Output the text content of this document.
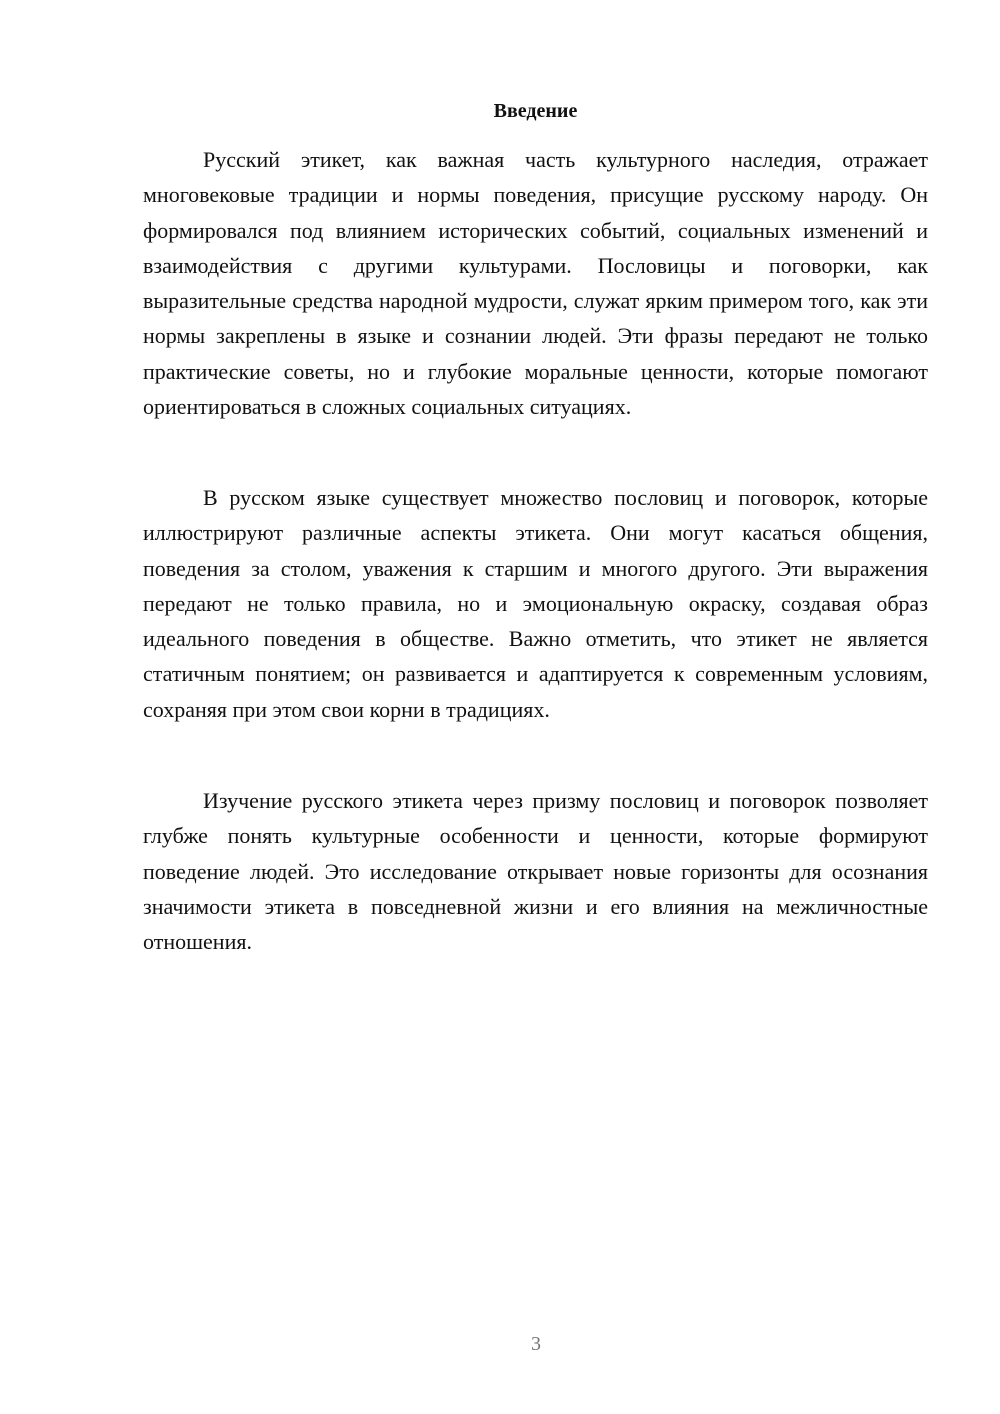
Введение

Русский этикет, как важная часть культурного наследия, отражает многовековые традиции и нормы поведения, присущие русскому народу. Он формировался под влиянием исторических событий, социальных изменений и взаимодействия с другими культурами. Пословицы и поговорки, как выразительные средства народной мудрости, служат ярким примером того, как эти нормы закреплены в языке и сознании людей. Эти фразы передают не только практические советы, но и глубокие моральные ценности, которые помогают ориентироваться в сложных социальных ситуациях.

В русском языке существует множество пословиц и поговорок, которые иллюстрируют различные аспекты этикета. Они могут касаться общения, поведения за столом, уважения к старшим и многого другого. Эти выражения передают не только правила, но и эмоциональную окраску, создавая образ идеального поведения в обществе. Важно отметить, что этикет не является статичным понятием; он развивается и адаптируется к современным условиям, сохраняя при этом свои корни в традициях.

Изучение русского этикета через призму пословиц и поговорок позволяет глубже понять культурные особенности и ценности, которые формируют поведение людей. Это исследование открывает новые горизонты для осознания значимости этикета в повседневной жизни и его влияния на межличностные отношения.

3
